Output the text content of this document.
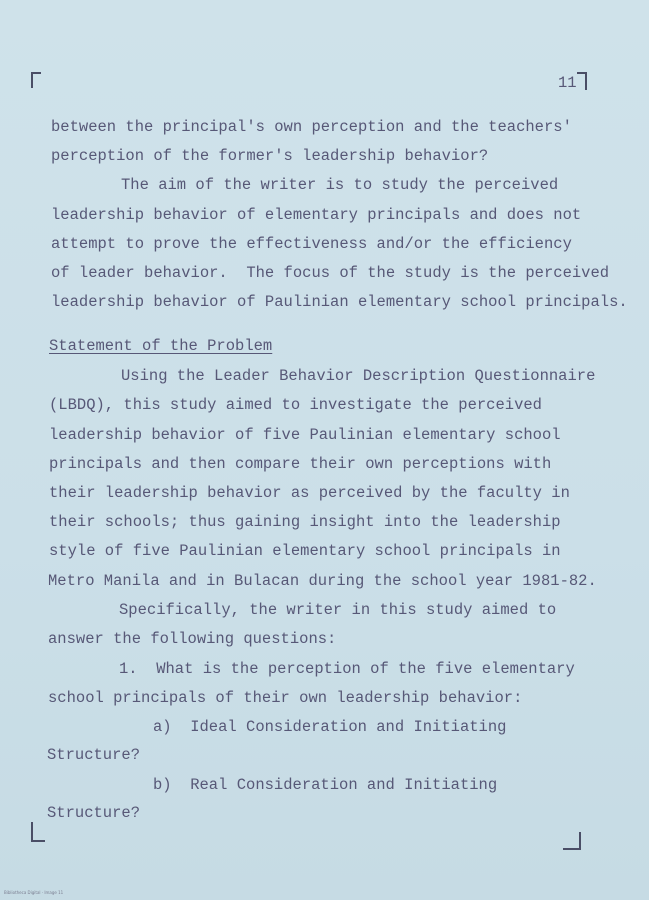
11
between the principal's own perception and the teachers'
perception of the former's leadership behavior?
The aim of the writer is to study the perceived
leadership behavior of elementary principals and does not
attempt to prove the effectiveness and/or the efficiency
of leader behavior.  The focus of the study is the perceived
leadership behavior of Paulinian elementary school principals.
Statement of the Problem
Using the Leader Behavior Description Questionnaire
(LBDQ), this study aimed to investigate the perceived
leadership behavior of five Paulinian elementary school
principals and then compare their own perceptions with
their leadership behavior as perceived by the faculty in
their schools; thus gaining insight into the leadership
style of five Paulinian elementary school principals in
Metro Manila and in Bulacan during the school year 1981-82.
Specifically, the writer in this study aimed to
answer the following questions:
1.  What is the perception of the five elementary
school principals of their own leadership behavior:
a)  Ideal Consideration and Initiating
Structure?
b)  Real Consideration and Initiating
Structure?
Bibliotheca Digital · Image 11
